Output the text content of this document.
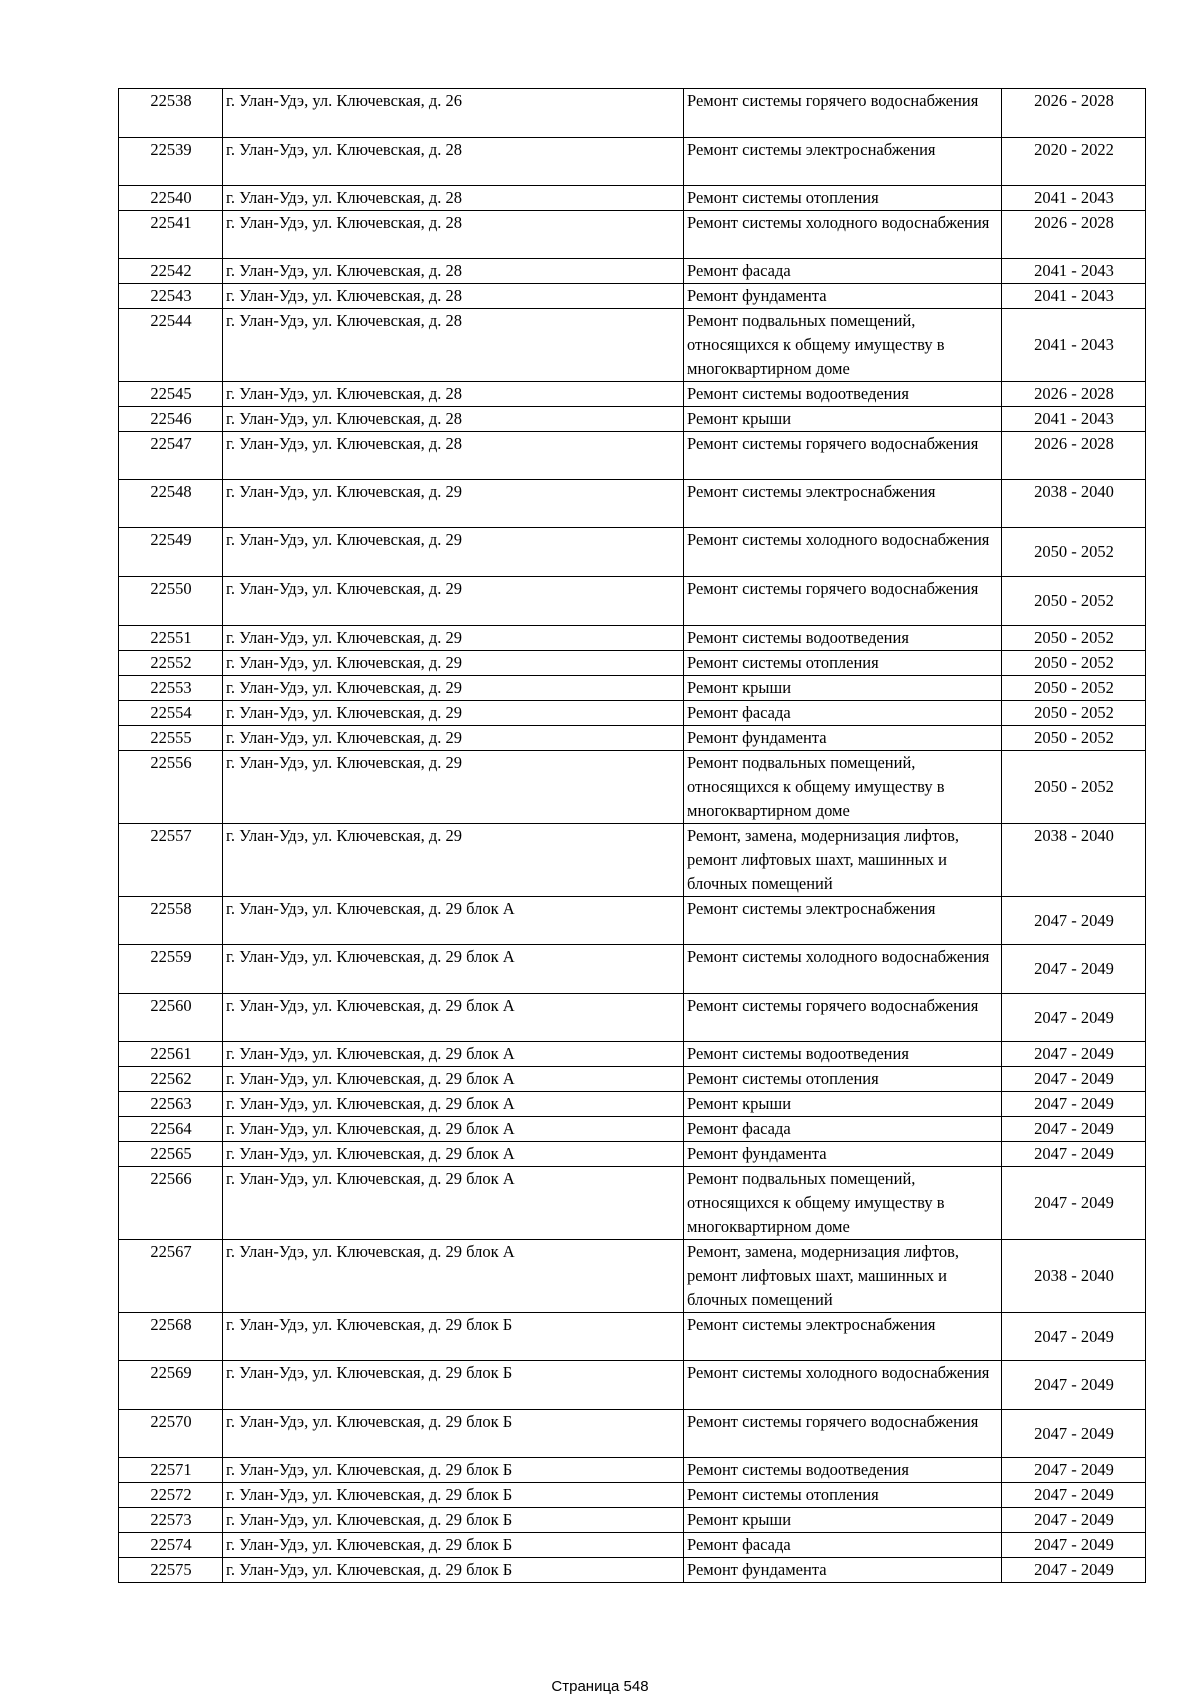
22538	г. Улан-Удэ, ул. Ключевская, д. 26	Ремонт системы горячего водоснабжения	2026 - 2028
22539	г. Улан-Удэ, ул. Ключевская, д. 28	Ремонт системы электроснабжения	2020 - 2022
22540	г. Улан-Удэ, ул. Ключевская, д. 28	Ремонт системы отопления	2041 - 2043
22541	г. Улан-Удэ, ул. Ключевская, д. 28	Ремонт системы холодного водоснабжения	2026 - 2028
22542	г. Улан-Удэ, ул. Ключевская, д. 28	Ремонт фасада	2041 - 2043
22543	г. Улан-Удэ, ул. Ключевская, д. 28	Ремонт фундамента	2041 - 2043
22544	г. Улан-Удэ, ул. Ключевская, д. 28	Ремонт подвальных помещений, относящихся к общему имуществу в многоквартирном доме	2041 - 2043
22545	г. Улан-Удэ, ул. Ключевская, д. 28	Ремонт системы водоотведения	2026 - 2028
22546	г. Улан-Удэ, ул. Ключевская, д. 28	Ремонт крыши	2041 - 2043
22547	г. Улан-Удэ, ул. Ключевская, д. 28	Ремонт системы горячего водоснабжения	2026 - 2028
22548	г. Улан-Удэ, ул. Ключевская, д. 29	Ремонт системы электроснабжения	2038 - 2040
22549	г. Улан-Удэ, ул. Ключевская, д. 29	Ремонт системы холодного водоснабжения	2050 - 2052
22550	г. Улан-Удэ, ул. Ключевская, д. 29	Ремонт системы горячего водоснабжения	2050 - 2052
22551	г. Улан-Удэ, ул. Ключевская, д. 29	Ремонт системы водоотведения	2050 - 2052
22552	г. Улан-Удэ, ул. Ключевская, д. 29	Ремонт системы отопления	2050 - 2052
22553	г. Улан-Удэ, ул. Ключевская, д. 29	Ремонт крыши	2050 - 2052
22554	г. Улан-Удэ, ул. Ключевская, д. 29	Ремонт фасада	2050 - 2052
22555	г. Улан-Удэ, ул. Ключевская, д. 29	Ремонт фундамента	2050 - 2052
22556	г. Улан-Удэ, ул. Ключевская, д. 29	Ремонт подвальных помещений, относящихся к общему имуществу в многоквартирном доме	2050 - 2052
22557	г. Улан-Удэ, ул. Ключевская, д. 29	Ремонт, замена, модернизация лифтов, ремонт лифтовых шахт, машинных и блочных помещений	2038 - 2040
22558	г. Улан-Удэ, ул. Ключевская, д. 29 блок А	Ремонт системы электроснабжения	2047 - 2049
22559	г. Улан-Удэ, ул. Ключевская, д. 29 блок А	Ремонт системы холодного водоснабжения	2047 - 2049
22560	г. Улан-Удэ, ул. Ключевская, д. 29 блок А	Ремонт системы горячего водоснабжения	2047 - 2049
22561	г. Улан-Удэ, ул. Ключевская, д. 29 блок А	Ремонт системы водоотведения	2047 - 2049
22562	г. Улан-Удэ, ул. Ключевская, д. 29 блок А	Ремонт системы отопления	2047 - 2049
22563	г. Улан-Удэ, ул. Ключевская, д. 29 блок А	Ремонт крыши	2047 - 2049
22564	г. Улан-Удэ, ул. Ключевская, д. 29 блок А	Ремонт фасада	2047 - 2049
22565	г. Улан-Удэ, ул. Ключевская, д. 29 блок А	Ремонт фундамента	2047 - 2049
22566	г. Улан-Удэ, ул. Ключевская, д. 29 блок А	Ремонт подвальных помещений, относящихся к общему имуществу в многоквартирном доме	2047 - 2049
22567	г. Улан-Удэ, ул. Ключевская, д. 29 блок А	Ремонт, замена, модернизация лифтов, ремонт лифтовых шахт, машинных и блочных помещений	2038 - 2040
22568	г. Улан-Удэ, ул. Ключевская, д. 29 блок Б	Ремонт системы электроснабжения	2047 - 2049
22569	г. Улан-Удэ, ул. Ключевская, д. 29 блок Б	Ремонт системы холодного водоснабжения	2047 - 2049
22570	г. Улан-Удэ, ул. Ключевская, д. 29 блок Б	Ремонт системы горячего водоснабжения	2047 - 2049
22571	г. Улан-Удэ, ул. Ключевская, д. 29 блок Б	Ремонт системы водоотведения	2047 - 2049
22572	г. Улан-Удэ, ул. Ключевская, д. 29 блок Б	Ремонт системы отопления	2047 - 2049
22573	г. Улан-Удэ, ул. Ключевская, д. 29 блок Б	Ремонт крыши	2047 - 2049
22574	г. Улан-Удэ, ул. Ключевская, д. 29 блок Б	Ремонт фасада	2047 - 2049
22575	г. Улан-Удэ, ул. Ключевская, д. 29 блок Б	Ремонт фундамента	2047 - 2049
Страница 548
